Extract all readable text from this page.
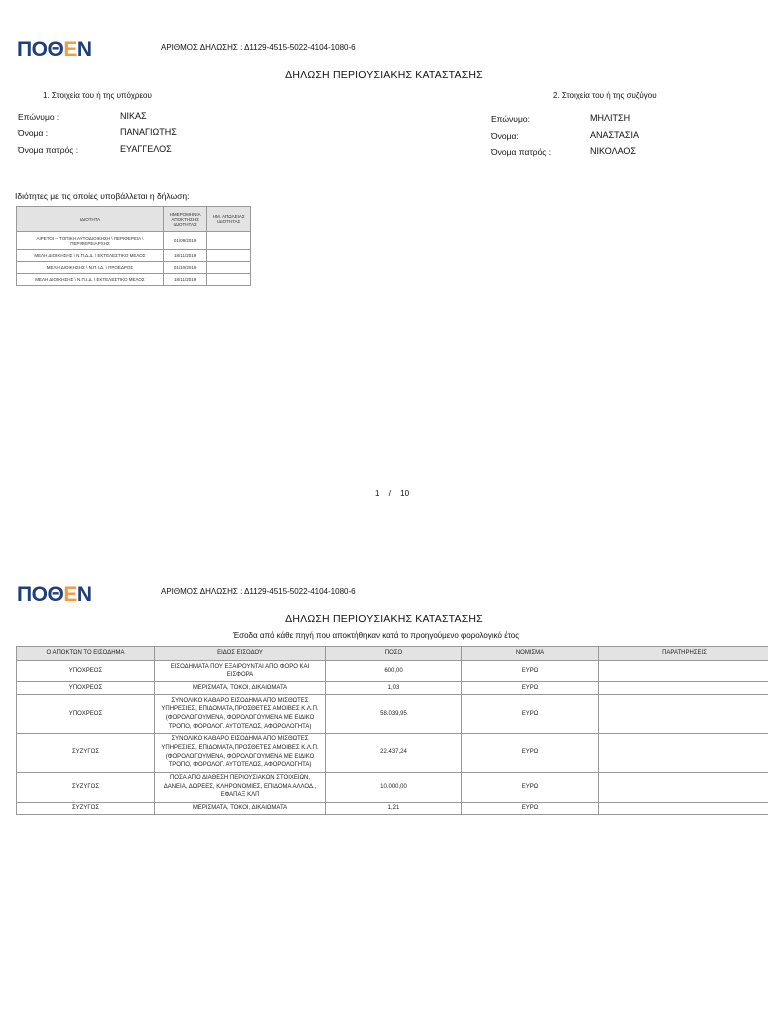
ΠΟΘΕΝ	ΑΡΙΘΜΟΣ ΔΗΛΩΣΗΣ : Δ1129-4515-5022-4104-1080-6
ΔΗΛΩΣΗ ΠΕΡΙΟΥΣΙΑΚΗΣ ΚΑΤΑΣΤΑΣΗΣ
1. Στοιχεία του ή της υπόχρεου	2. Στοιχεία του ή της συζύγου
Επώνυμο :	ΝΙΚΑΣ
Όνομα :	ΠΑΝΑΓΙΩΤΗΣ
Όνομα πατρός :	ΕΥΑΓΓΕΛΟΣ
Επώνυμο:	ΜΗΛΙΤΣΗ
Όνομα:	ΑΝΑΣΤΑΣΙΑ
Όνομα πατρός :	ΝΙΚΟΛΑΟΣ
Ιδιότητες με τις οποίες υποβάλλεται η δήλωση:
ΙΔΙΟΤΗΤΑ	ΗΜΕΡΟΜΗΝΙΑ ΑΠΟΚΤΗΣΗΣ ΙΔΙΟΤΗΤΑΣ	ΗΜ. ΑΠΩΛΕΙΑΣ ΙΔΙΟΤΗΤΑΣ
ΑΙΡΕΤΟΙ – ΤΟΠΙΚΗ ΑΥΤΟΔΙΟΙΚΗΣΗ \ ΠΕΡΙΦΕΡΕΙΑ \ ΠΕΡΙΦΕΡΕΙΑΡΧΗΣ	01/09/2019	
ΜΕΛΗ ΔΙΟΙΚΗΣΗΣ \ Ν.Π.Δ.Δ. \ ΕΚΤΕΛΕΣΤΙΚΟ ΜΕΛΟΣ	18/11/2019	
ΜΕΛΗ ΔΙΟΙΚΗΣΗΣ \ Ν.Π.Ι.Δ. \ ΠΡΟΕΔΡΟΣ	01/10/2019	
ΜΕΛΗ ΔΙΟΙΚΗΣΗΣ \ Ν.Π.Ι.Δ. \ ΕΚΤΕΛΕΣΤΙΚΟ ΜΕΛΟΣ	18/11/2019	
1 / 10
ΠΟΘΕΝ	ΑΡΙΘΜΟΣ ΔΗΛΩΣΗΣ : Δ1129-4515-5022-4104-1080-6
ΔΗΛΩΣΗ ΠΕΡΙΟΥΣΙΑΚΗΣ ΚΑΤΑΣΤΑΣΗΣ
Έσοδα από κάθε πηγή που αποκτήθηκαν κατά το προηγούμενο φορολογικό έτος
Ο ΑΠΟΚΤΩΝ ΤΟ ΕΙΣΟΔΗΜΑ	ΕΙΔΟΣ ΕΙΣΟΔΟΥ	ΠΟΣΟ	ΝΟΜΙΣΜΑ	ΠΑΡΑΤΗΡΗΣΕΙΣ
ΥΠΟΧΡΕΟΣ	ΕΙΣΟΔΗΜΑΤΑ ΠΟΥ ΕΞΑΙΡΟΥΝΤΑΙ ΑΠΟ ΦΟΡΟ ΚΑΙ ΕΙΣΦΟΡΑ	600,00	ΕΥΡΩ	
ΥΠΟΧΡΕΟΣ	ΜΕΡΙΣΜΑΤΑ, ΤΟΚΟΙ, ΔΙΚΑΙΩΜΑΤΑ	1,03	ΕΥΡΩ	
ΥΠΟΧΡΕΟΣ	ΣΥΝΟΛΙΚΟ ΚΑΘΑΡΟ ΕΙΣΟΔΗΜΑ ΑΠΟ ΜΙΣΘΩΤΕΣ ΥΠΗΡΕΣΙΕΣ, ΕΠΙΔΟΜΑΤΑ,ΠΡΟΣΘΕΤΕΣ ΑΜΟΙΒΕΣ Κ.Λ.Π.(ΦΟΡΟΛΟΓΟΥΜΕΝΑ, ΦΟΡΟΛΟΓΟΥΜΕΝΑ ΜΕ ΕΙΔΙΚΟ ΤΡΟΠΟ, ΦΟΡΟΛΟΓ. ΑΥΤΟΤΕΛΩΣ, ΑΦΟΡΟΛΟΓΗΤΑ)	58.039,95	ΕΥΡΩ	
ΣΥΖΥΓΟΣ	ΣΥΝΟΛΙΚΟ ΚΑΘΑΡΟ ΕΙΣΟΔΗΜΑ ΑΠΟ ΜΙΣΘΩΤΕΣ ΥΠΗΡΕΣΙΕΣ, ΕΠΙΔΟΜΑΤΑ,ΠΡΟΣΘΕΤΕΣ ΑΜΟΙΒΕΣ Κ.Λ.Π.(ΦΟΡΟΛΟΓΟΥΜΕΝΑ, ΦΟΡΟΛΟΓΟΥΜΕΝΑ ΜΕ ΕΙΔΙΚΟ ΤΡΟΠΟ, ΦΟΡΟΛΟΓ. ΑΥΤΟΤΕΛΩΣ, ΑΦΟΡΟΛΟΓΗΤΑ)	22.437,24	ΕΥΡΩ	
ΣΥΖΥΓΟΣ	ΠΟΣΑ ΑΠΟ ΔΙΑΘΕΣΗ ΠΕΡΙΟΥΣΙΑΚΩΝ ΣΤΟΙΧΕΙΩΝ, ΔΑΝΕΙΑ, ΔΩΡΕΕΣ, ΚΛΗΡΟΝΟΜΙΕΣ, ΕΠΙΔΟΜΑ ΑΛΛΟΔ., ΕΦΑΠΑΞ ΚΛΠ	10.000,00	ΕΥΡΩ	
ΣΥΖΥΓΟΣ	ΜΕΡΙΣΜΑΤΑ, ΤΟΚΟΙ, ΔΙΚΑΙΩΜΑΤΑ	1,21	ΕΥΡΩ	
